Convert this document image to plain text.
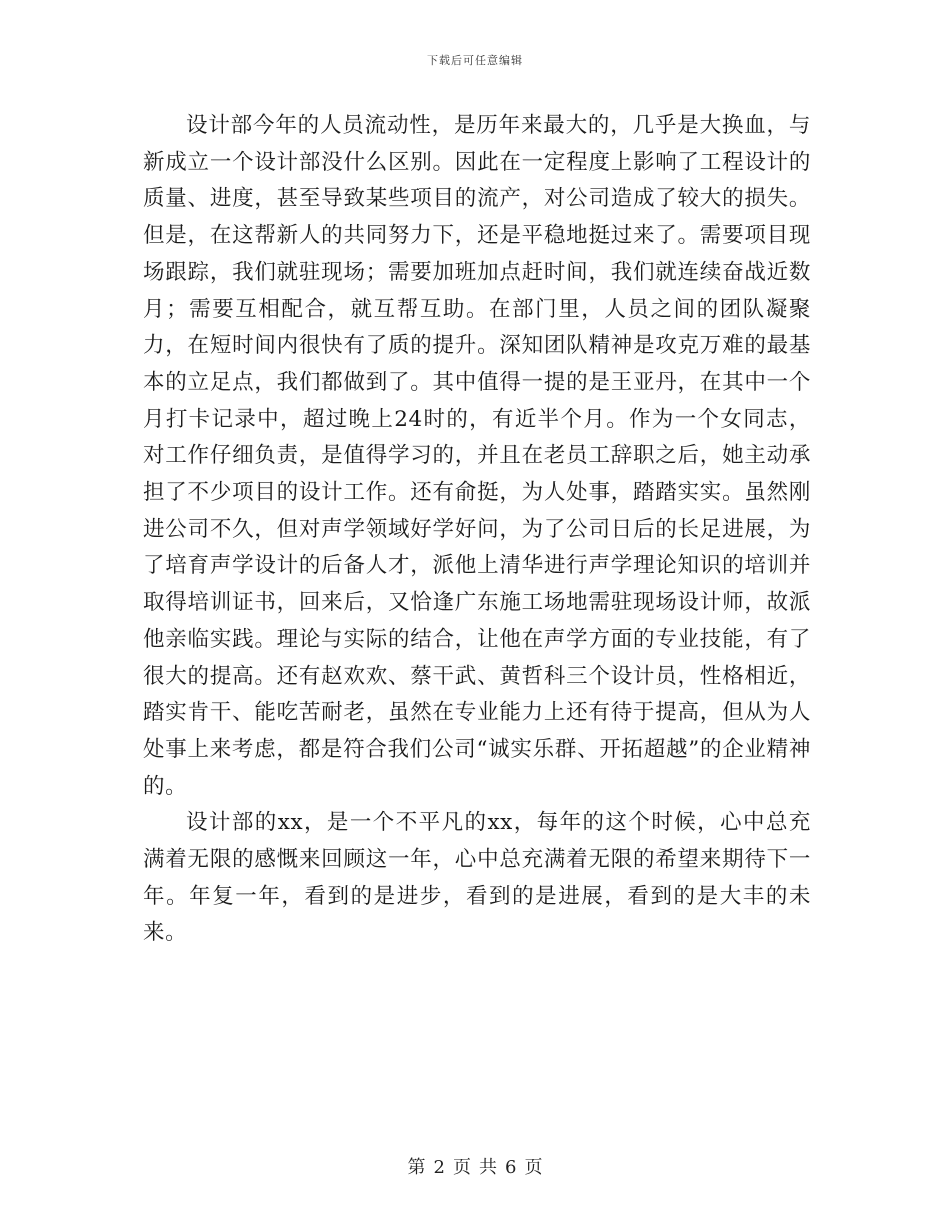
下载后可任意编辑

设计部今年的人员流动性，是历年来最大的，几乎是大换血，与新成立一个设计部没什么区别。因此在一定程度上影响了工程设计的质量、进度，甚至导致某些项目的流产，对公司造成了较大的损失。但是，在这帮新人的共同努力下，还是平稳地挺过来了。需要项目现场跟踪，我们就驻现场；需要加班加点赶时间，我们就连续奋战近数月；需要互相配合，就互帮互助。在部门里，人员之间的团队凝聚力，在短时间内很快有了质的提升。深知团队精神是攻克万难的最基本的立足点，我们都做到了。其中值得一提的是王亚丹，在其中一个月打卡记录中，超过晚上24时的，有近半个月。作为一个女同志，对工作仔细负责，是值得学习的，并且在老员工辞职之后，她主动承担了不少项目的设计工作。还有俞挺，为人处事，踏踏实实。虽然刚进公司不久，但对声学领域好学好问，为了公司日后的长足进展，为了培育声学设计的后备人才，派他上清华进行声学理论知识的培训并取得培训证书，回来后，又恰逢广东施工场地需驻现场设计师，故派他亲临实践。理论与实际的结合，让他在声学方面的专业技能，有了很大的提高。还有赵欢欢、蔡干武、黄哲科三个设计员，性格相近，踏实肯干、能吃苦耐老，虽然在专业能力上还有待于提高，但从为人处事上来考虑，都是符合我们公司“诚实乐群、开拓超越”的企业精神的。

设计部的xx，是一个不平凡的xx，每年的这个时候，心中总充满着无限的感慨来回顾这一年，心中总充满着无限的希望来期待下一年。年复一年，看到的是进步，看到的是进展，看到的是大丰的未来。

第 2 页 共 6 页
